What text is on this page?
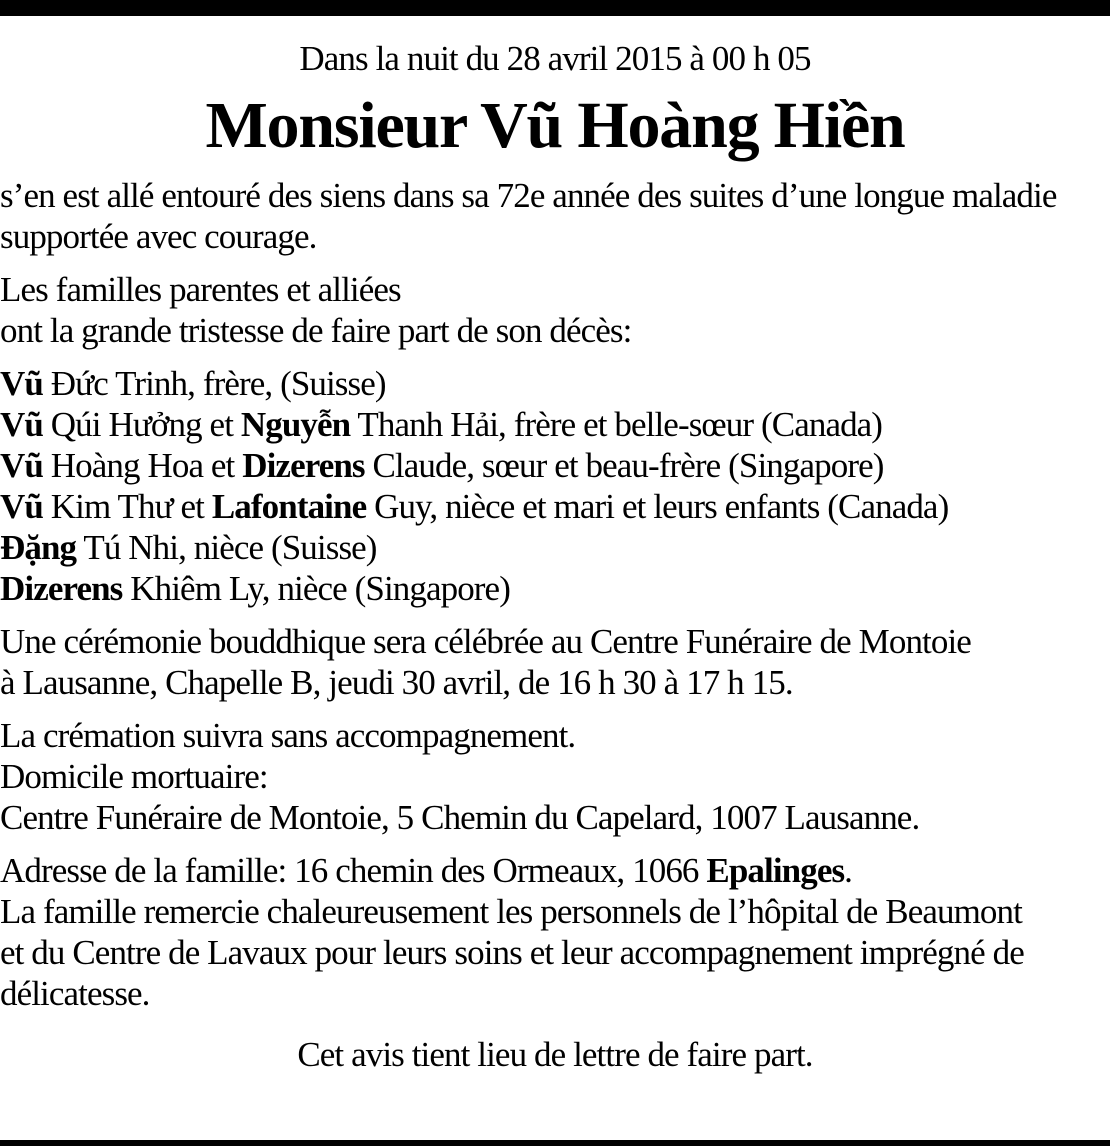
Dans la nuit du 28 avril 2015 à 00 h 05

Monsieur Vũ Hoàng Hiền

s’en est allé entouré des siens dans sa 72e année des suites d’une longue maladie
supportée avec courage.

Les familles parentes et alliées
ont la grande tristesse de faire part de son décès:

Vũ Đức Trinh, frère, (Suisse)
Vũ Qúi Hưởng et Nguyễn Thanh Hải, frère et belle-sœur (Canada)
Vũ Hoàng Hoa et Dizerens Claude, sœur et beau-frère (Singapore)
Vũ Kim Thư et Lafontaine Guy, nièce et mari et leurs enfants (Canada)
Đặng Tú Nhi, nièce (Suisse)
Dizerens Khiêm Ly, nièce (Singapore)

Une cérémonie bouddhique sera célébrée au Centre Funéraire de Montoie
à Lausanne, Chapelle B, jeudi 30 avril, de 16 h 30 à 17 h 15.

La crémation suivra sans accompagnement.
Domicile mortuaire:
Centre Funéraire de Montoie, 5 Chemin du Capelard, 1007 Lausanne.

Adresse de la famille: 16 chemin des Ormeaux, 1066 Epalinges.
La famille remercie chaleureusement les personnels de l’hôpital de Beaumont
et du Centre de Lavaux pour leurs soins et leur accompagnement imprégné de
délicatesse.

Cet avis tient lieu de lettre de faire part.
